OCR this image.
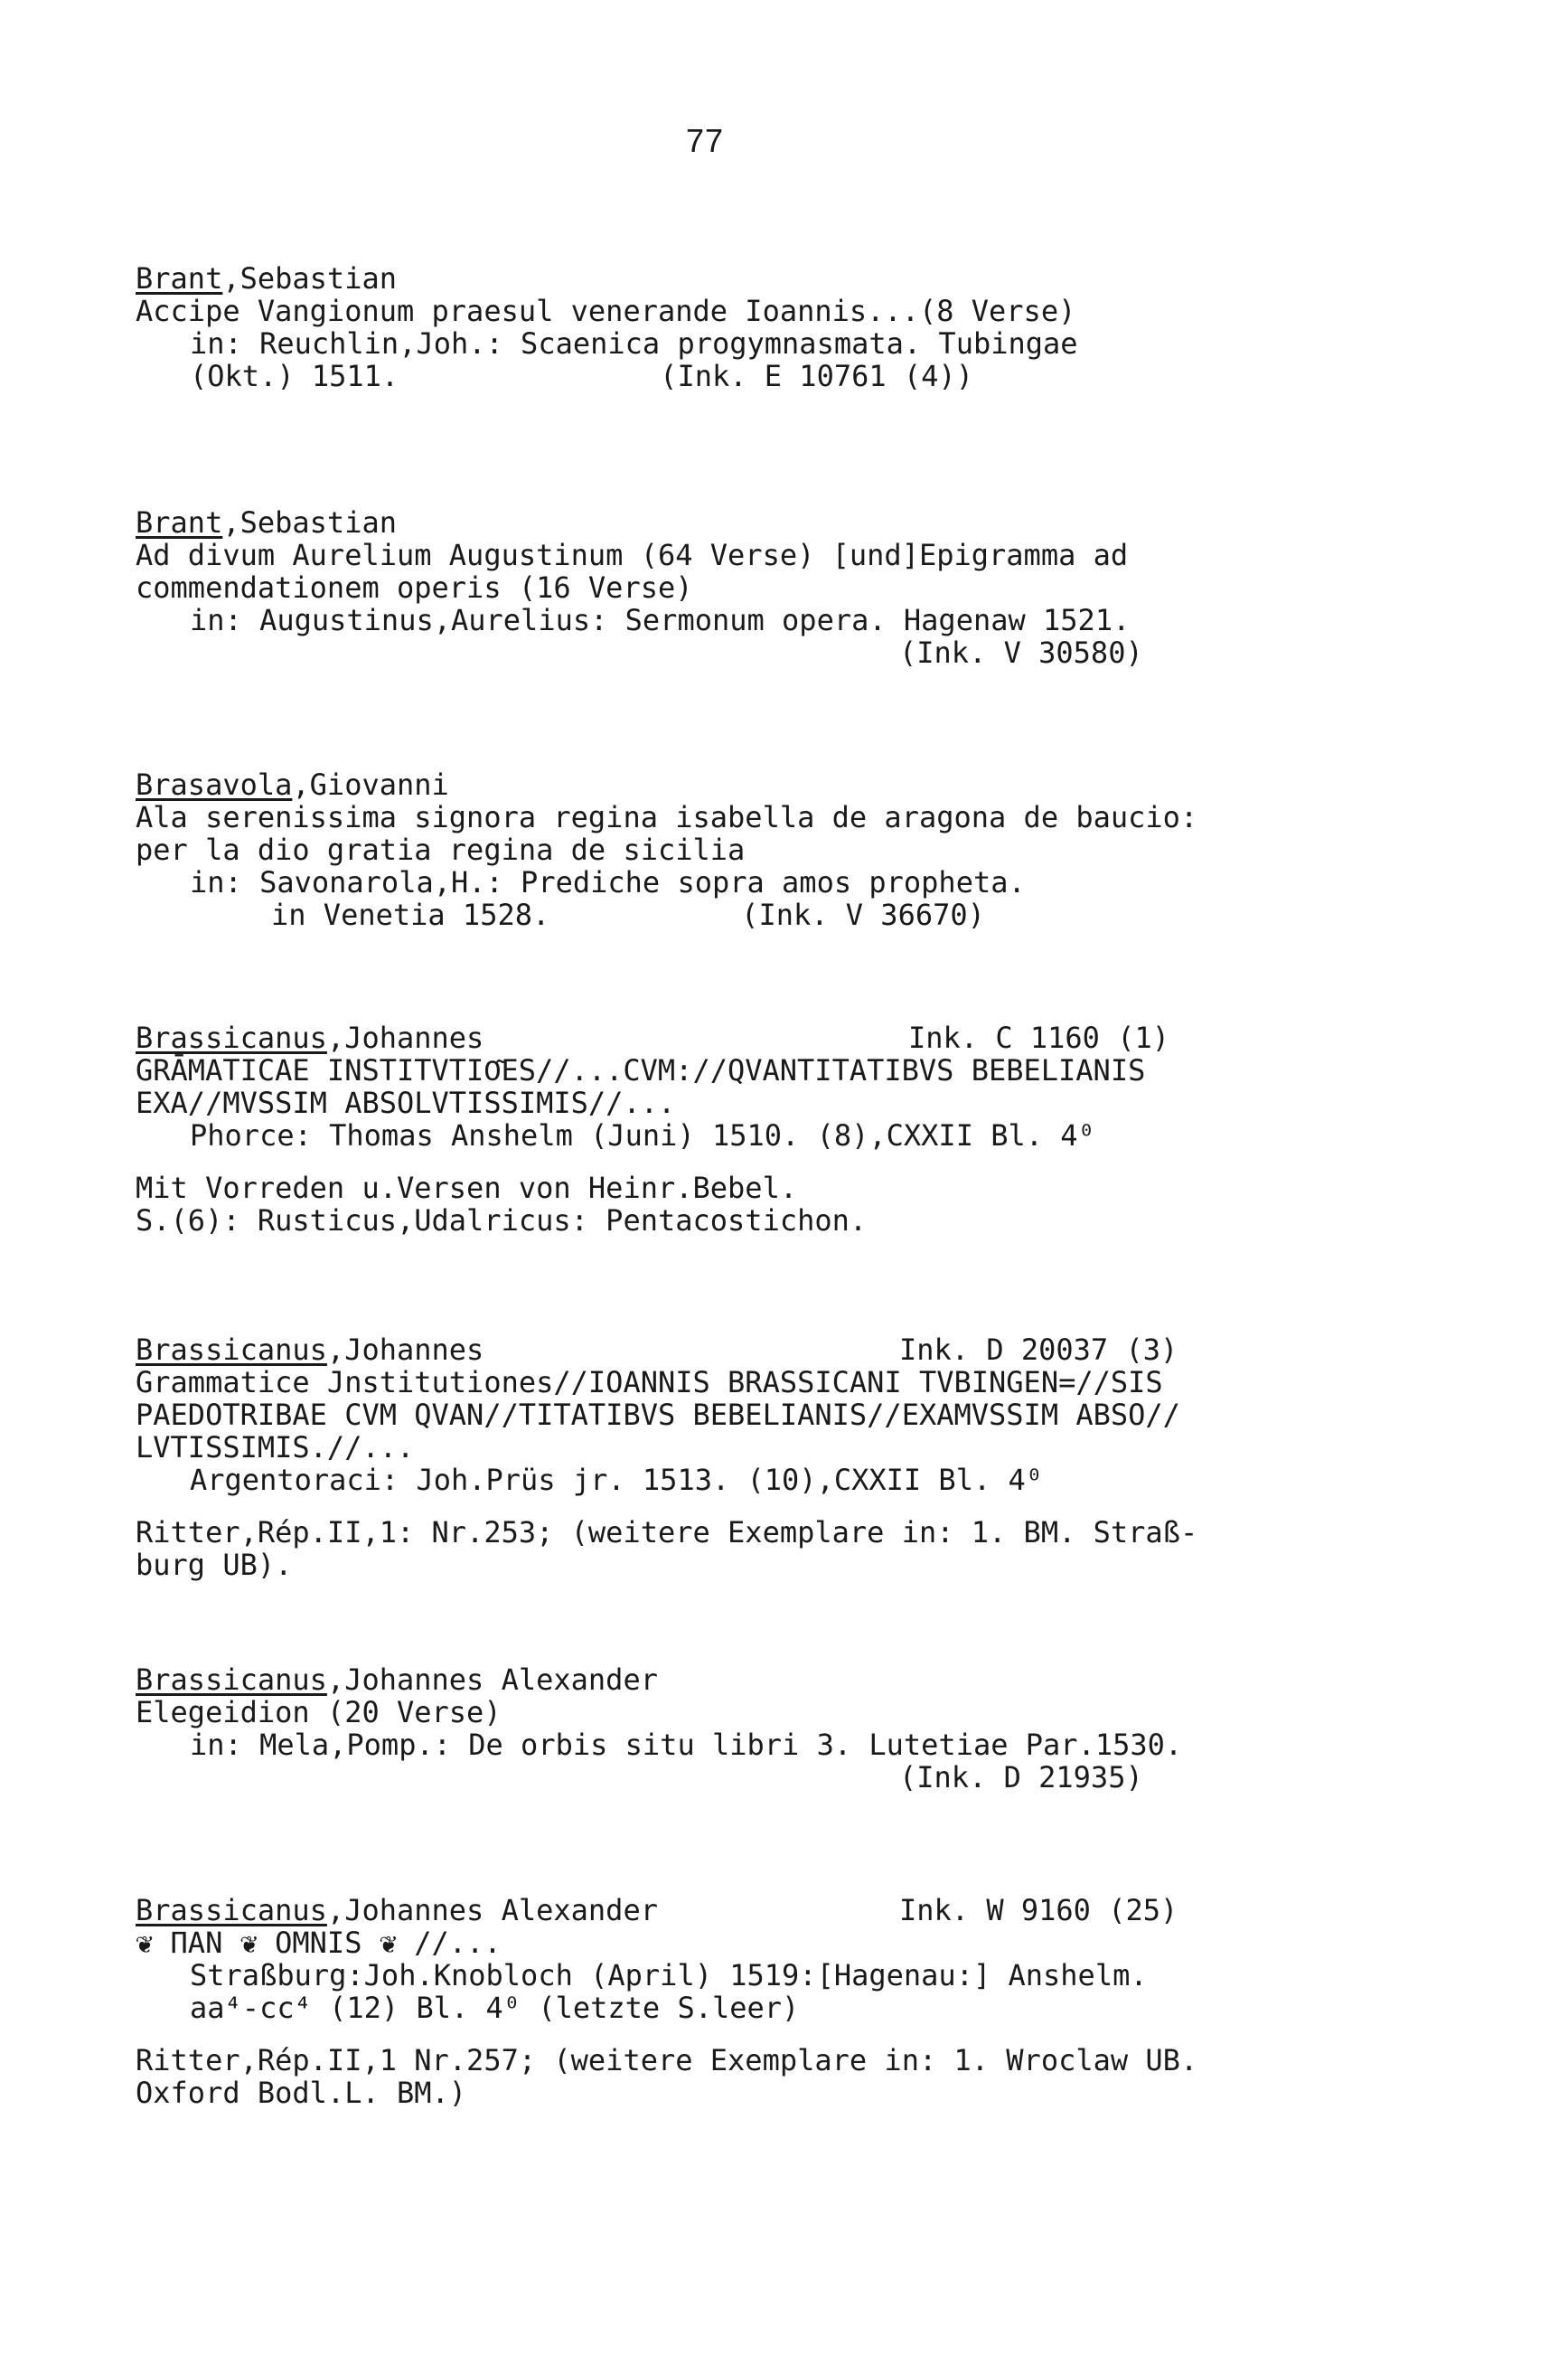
77
Brant,Sebastian
Accipe Vangionum praesul venerande Ioannis...(8 Verse)
in: Reuchlin,Joh.: Scaenica progymnasmata. Tubingae
(Okt.) 1511.               (Ink. E 10761 (4))
Brant,Sebastian
Ad divum Aurelium Augustinum (64 Verse) [und]Epigramma ad
commendationem operis (16 Verse)
in: Augustinus,Aurelius: Sermonum opera. Hagenaw 1521.
(Ink. V 30580)
Brasavola,Giovanni
Ala serenissima signora regina isabella de aragona de baucio:
per la dio gratia regina de sicilia
in: Savonarola,H.: Prediche sopra amos propheta.
in Venetia 1528.           (Ink. V 36670)
Brassicanus,Johannes	Ink. C 1160 (1)
GRĀMATICAE INSTITVTIO͂ES//...CVM://QVANTITATIBVS BEBELIANIS
EXA//MVSSIM ABSOLVTISSIMIS//...
Phorce: Thomas Anshelm (Juni) 1510. (8),CXXII Bl. 4⁰
Mit Vorreden u.Versen von Heinr.Bebel.
S.(6): Rusticus,Udalricus: Pentacostichon.
Brassicanus,Johannes	Ink. D 20037 (3)
Grammatice Jnstitutiones//IOANNIS BRASSICANI TVBINGEN=//SIS
PAEDOTRIBAE CVM QVAN//TITATIBVS BEBELIANIS//EXAMVSSIM ABSO//
LVTISSIMIS.//...
Argentoraci: Joh.Prüs jr. 1513. (10),CXXII Bl. 4⁰
Ritter,Rép.II,1: Nr.253; (weitere Exemplare in: 1. BM. Straß-
burg UB).
Brassicanus,Johannes Alexander
Elegeidion (20 Verse)
in: Mela,Pomp.: De orbis situ libri 3. Lutetiae Par.1530.
(Ink. D 21935)
Brassicanus,Johannes Alexander	Ink. W 9160 (25)
❦ ΠAN ❦ OMNIS ❦ //...
Straßburg:Joh.Knobloch (April) 1519:[Hagenau:] Anshelm.
aa⁴-cc⁴ (12) Bl. 4⁰ (letzte S.leer)
Ritter,Rép.II,1 Nr.257; (weitere Exemplare in: 1. Wroclaw UB.
Oxford Bodl.L. BM.)
